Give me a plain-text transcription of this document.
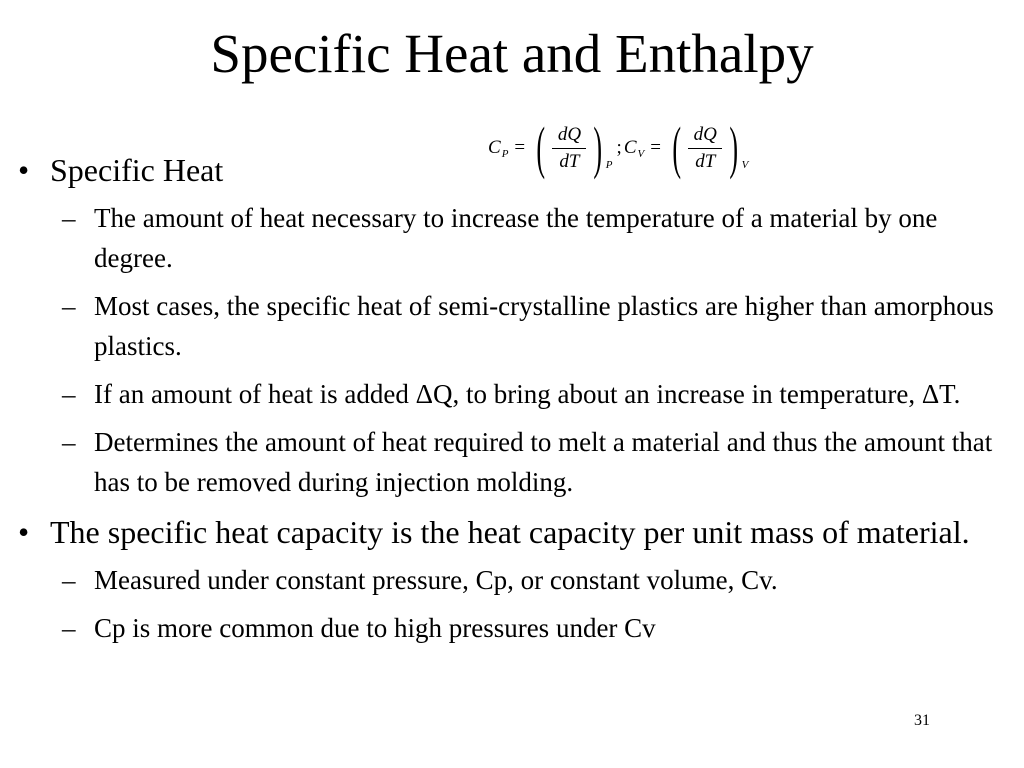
Specific Heat and Enthalpy
C P = ( $\frac{dQ}{dT}$ ) P
; C V = ( $\frac{dQ}{dT}$ ) V
• Specific Heat
– The amount of heat necessary to increase the temperature of a material by one degree.
– Most cases, the specific heat of semi-crystalline plastics are higher than amorphous plastics.
– If an amount of heat is added ΔQ, to bring about an increase in temperature, ΔT.
– Determines the amount of heat required to melt a material and thus the amount that has to be removed during injection molding.
• The specific heat capacity is the heat capacity per unit mass of material.
– Measured under constant pressure, Cp, or constant volume, Cv.
– Cp is more common due to high pressures under Cv
31
